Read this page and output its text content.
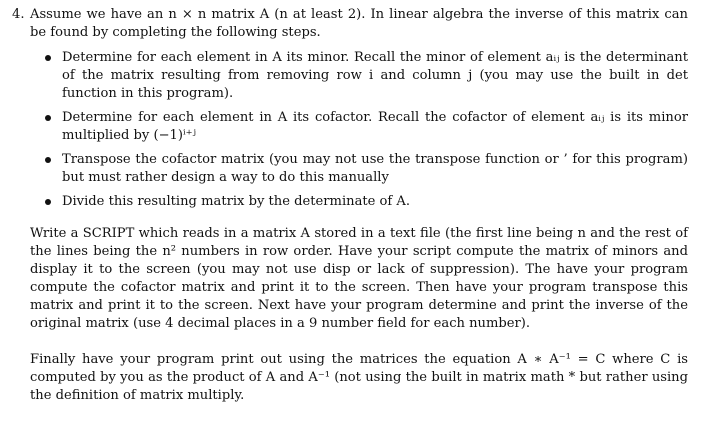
4. Assume we have an n × n matrix A (n at least 2). In linear algebra the inverse of this matrix can be found by completing the following steps.
Determine for each element in A its minor. Recall the minor of element aᵢⱼ is the determinant of the matrix resulting from removing row i and column j (you may use the built in det function in this program).
Determine for each element in A its cofactor. Recall the cofactor of element aᵢⱼ is its minor multiplied by (−1)ⁱ⁺ʲ
Transpose the cofactor matrix (you may not use the transpose function or ’ for this program) but must rather design a way to do this manually
Divide this resulting matrix by the determinate of A.

Write a SCRIPT which reads in a matrix A stored in a text file (the first line being n and the rest of the lines being the n² numbers in row order. Have your script compute the matrix of minors and display it to the screen (you may not use disp or lack of suppression). The have your program compute the cofactor matrix and print it to the screen. Then have your program transpose this matrix and print it to the screen. Next have your program determine and print the inverse of the original matrix (use 4 decimal places in a 9 number field for each number).

Finally have your program print out using the matrices the equation A ∗ A⁻¹ = C where C is computed by you as the product of A and A⁻¹ (not using the built in matrix math * but rather using the definition of matrix multiply.
